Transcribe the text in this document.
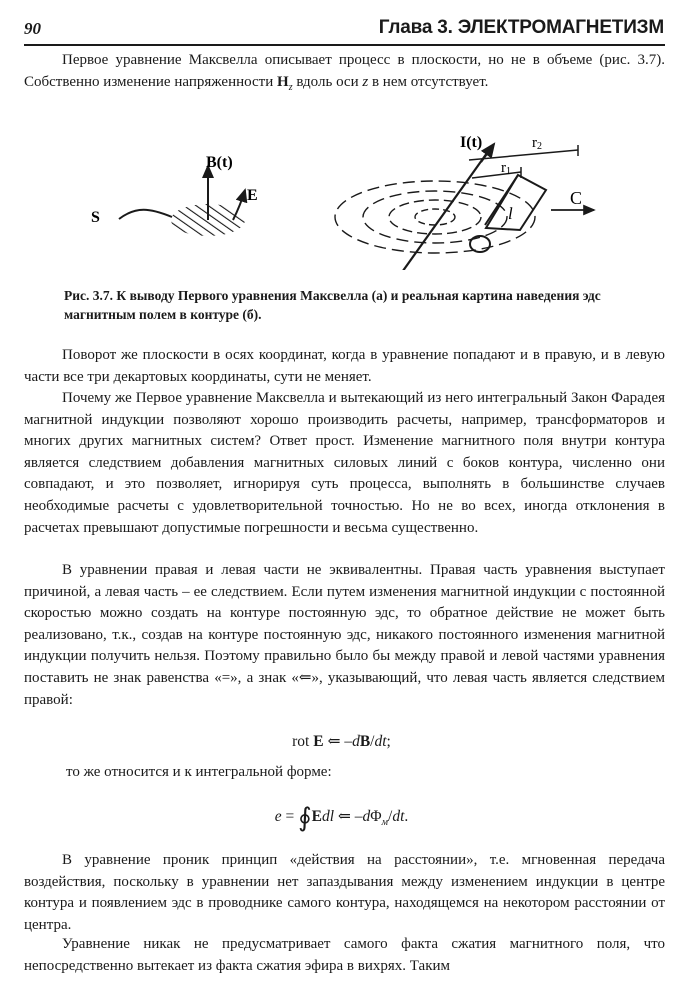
90	Глава 3. ЭЛЕКТРОМАГНЕТИЗМ

Первое уравнение Максвелла описывает процесс в плоскости, но не в объеме (рис. 3.7). Собственно изменение напряженности $H_z$ вдоль оси z в нем отсутствует.

B(t)
E
S
I(t)
r1
r2
l
C
Рис. 3.7. К выводу Первого уравнения Максвелла (а) и реальная картина наведения эдс магнитным полем в контуре (б).

Поворот же плоскости в осях координат, когда в уравнение попадают и в правую, и в левую части все три декартовых координаты, сути не меняет.

Почему же Первое уравнение Максвелла и вытекающий из него интегральный Закон Фарадея магнитной индукции позволяют хорошо производить расчеты, например, трансформаторов и многих других магнитных систем? Ответ прост. Изменение магнитного поля внутри контура является следствием добавления магнитных силовых линий с боков контура, численно они совпадают, и это позволяет, игнорируя суть процесса, выполнять в большинстве случаев необходимые расчеты с удовлетворительной точностью. Но не во всех, иногда отклонения в расчетах превышают допустимые погрешности и весьма существенно.

В уравнении правая и левая части не эквивалентны. Правая часть уравнения выступает причиной, а левая часть – ее следствием. Если путем изменения магнитной индукции с постоянной скоростью можно создать на контуре постоянную эдс, то обратное действие не может быть реализовано, т.к., создав на контуре постоянную эдс, никакого постоянного изменения магнитной индукции получить нельзя. Поэтому правильно было бы между правой и левой частями уравнения поставить не знак равенства «=», а знак «⇐», указывающий, что левая часть является следствием правой:

rot E ⇐ –dB/dt;
то же относится и к интегральной форме:
e = ∮Edl ⇐ $-d\Phi_м/dt$.

В уравнение проник принцип «действия на расстоянии», т.е. мгновенная передача воздействия, поскольку в уравнении нет запаздывания между изменением индукции в центре контура и появлением эдс в проводнике самого контура, находящемся на некотором расстоянии от центра.

Уравнение никак не предусматривает самого факта сжатия магнитного поля, что непосредственно вытекает из факта сжатия эфира в вихрях. Таким
